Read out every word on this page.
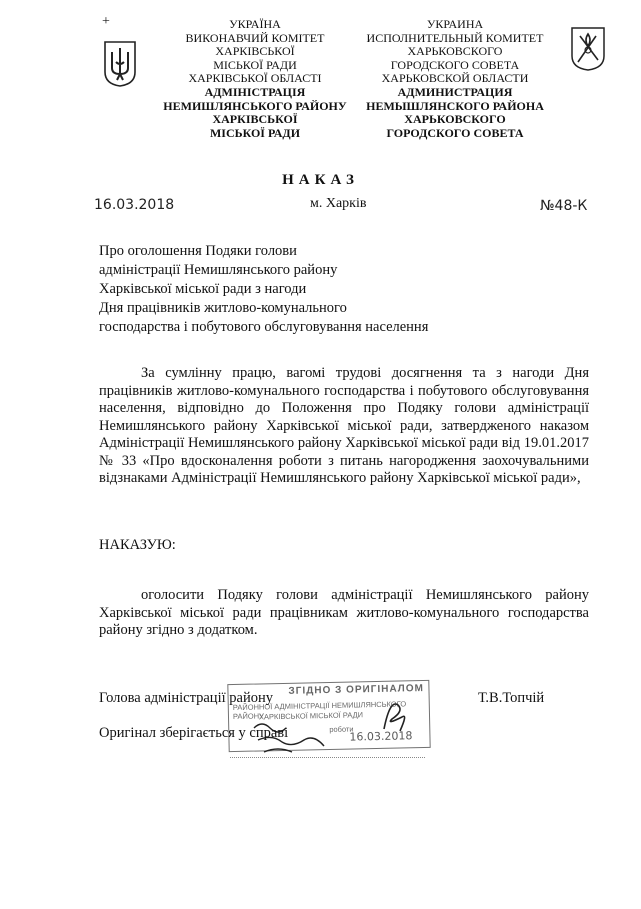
+	УКРАЇНА
ВИКОНАВЧИЙ КОМІТЕТ
ХАРКІВСЬКОЇ
МІСЬКОЇ РАДИ
ХАРКІВСЬКОЇ ОБЛАСТІ
АДМІНІСТРАЦІЯ
НЕМИШЛЯНСЬКОГО РАЙОНУ
ХАРКІВСЬКОЇ
МІСЬКОЇ РАДИ
УКРАИНА
ИСПОЛНИТЕЛЬНЫЙ КОМИТЕТ
ХАРЬКОВСКОГО
ГОРОДСКОГО СОВЕТА
ХАРЬКОВСКОЙ ОБЛАСТИ
АДМИНИСТРАЦИЯ
НЕМЫШЛЯНСКОГО РАЙОНА
ХАРЬКОВСКОГО
ГОРОДСКОГО СОВЕТА
НАКАЗ
16.03.2018	м. Харків	№48-К
Про оголошення Подяки голови
адміністрації Немишлянського району
Харківської міської ради з нагоди
Дня працівників житлово-комунального
господарства і побутового обслуговування населення
За сумлінну працю, вагомі трудові досягнення та з нагоди Дня працівників житлово-комунального господарства і побутового обслуговування населення, відповідно до Положення про Подяку голови адміністрації Немишлянського району Харківської міської ради, затвердженого наказом Адміністрації Немишлянського району Харківської міської ради від 19.01.2017 № 33 «Про вдосконалення роботи з питань нагородження заохочувальними відзнаками Адміністрації Немишлянського району Харківської міської ради»,
НАКАЗУЮ:
оголосити Подяку голови адміністрації Немишлянського району Харківської міської ради працівникам житлово-комунального господарства району згідно з додатком.
ЗГІДНО З ОРИГІНАЛОМ
РАЙОННОЇ АДМІНІСТРАЦІЇ НЕМИШЛЯНСЬКОГО РАЙОНУ
ХАРКІВСЬКОЇ МІСЬКОЇ РАДИ
роботи
16.03.2018
Голова адміністрації району	Т.В.Топчій
Оригінал зберігається у справі
